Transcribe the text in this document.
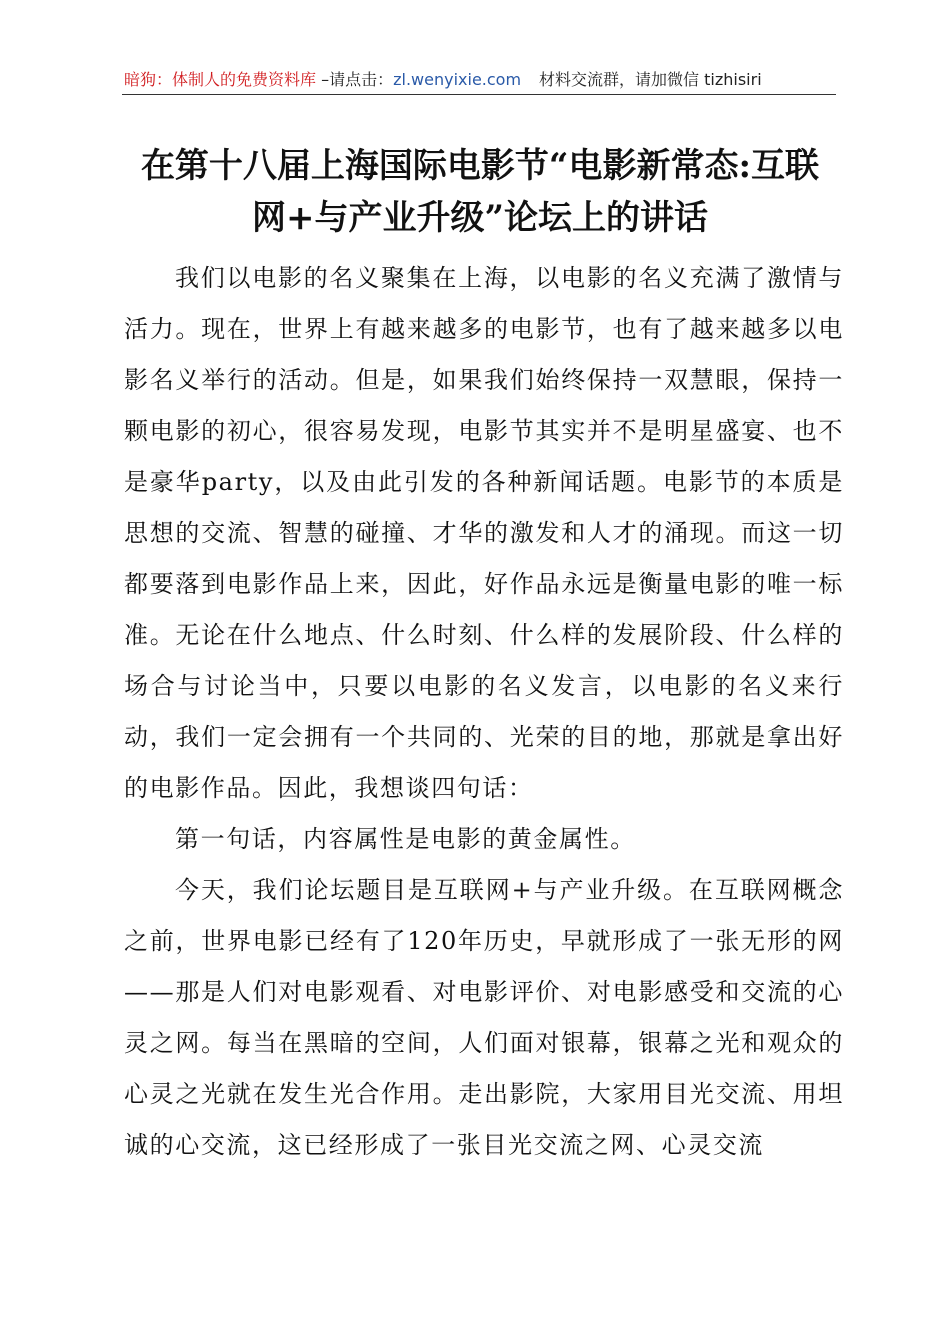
暗狗：体制人的免费资料库 –请点击：zl.wenyixie.com 材料交流群，请加微信 tizhisiri
在第十八届上海国际电影节“电影新常态:互联
网+与产业升级”论坛上的讲话

我们以电影的名义聚集在上海，以电影的名义充满了激情与活力。现在，世界上有越来越多的电影节，也有了越来越多以电影名义举行的活动。但是，如果我们始终保持一双慧眼，保持一颗电影的初心，很容易发现，电影节其实并不是明星盛宴、也不是豪华party，以及由此引发的各种新闻话题。电影节的本质是思想的交流、智慧的碰撞、才华的激发和人才的涌现。而这一切都要落到电影作品上来，因此，好作品永远是衡量电影的唯一标准。无论在什么地点、什么时刻、什么样的发展阶段、什么样的场合与讨论当中，只要以电影的名义发言，以电影的名义来行动，我们一定会拥有一个共同的、光荣的目的地，那就是拿出好的电影作品。因此，我想谈四句话：

第一句话，内容属性是电影的黄金属性。

今天，我们论坛题目是互联网+与产业升级。在互联网概念之前，世界电影已经有了120年历史，早就形成了一张无形的网——那是人们对电影观看、对电影评价、对电影感受和交流的心灵之网。每当在黑暗的空间，人们面对银幕，银幕之光和观众的心灵之光就在发生光合作用。走出影院，大家用目光交流、用坦诚的心交流，这已经形成了一张目光交流之网、心灵交流
